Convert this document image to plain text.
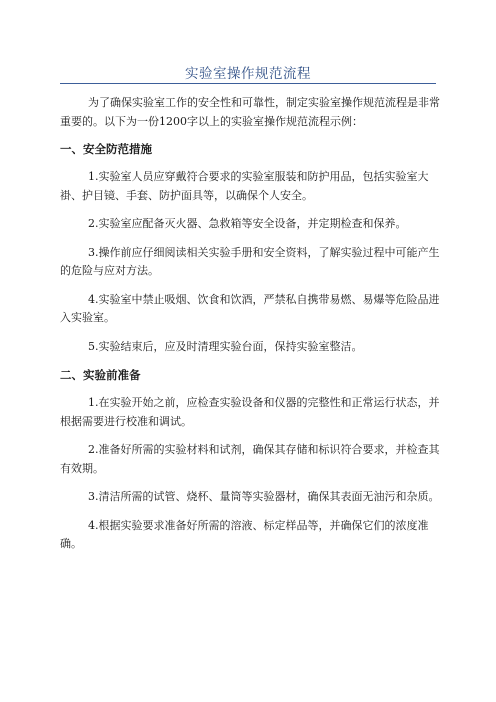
实验室操作规范流程

为了确保实验室工作的安全性和可靠性，制定实验室操作规范流程是非常重要的。以下为一份1200字以上的实验室操作规范流程示例：

一、安全防范措施

1.实验室人员应穿戴符合要求的实验室服装和防护用品，包括实验室大褂、护目镜、手套、防护面具等，以确保个人安全。

2.实验室应配备灭火器、急救箱等安全设备，并定期检查和保养。

3.操作前应仔细阅读相关实验手册和安全资料，了解实验过程中可能产生的危险与应对方法。

4.实验室中禁止吸烟、饮食和饮酒，严禁私自携带易燃、易爆等危险品进入实验室。

5.实验结束后，应及时清理实验台面，保持实验室整洁。

二、实验前准备

1.在实验开始之前，应检查实验设备和仪器的完整性和正常运行状态，并根据需要进行校准和调试。

2.准备好所需的实验材料和试剂，确保其存储和标识符合要求，并检查其有效期。

3.清洁所需的试管、烧杯、量筒等实验器材，确保其表面无油污和杂质。

4.根据实验要求准备好所需的溶液、标定样品等，并确保它们的浓度准确。
